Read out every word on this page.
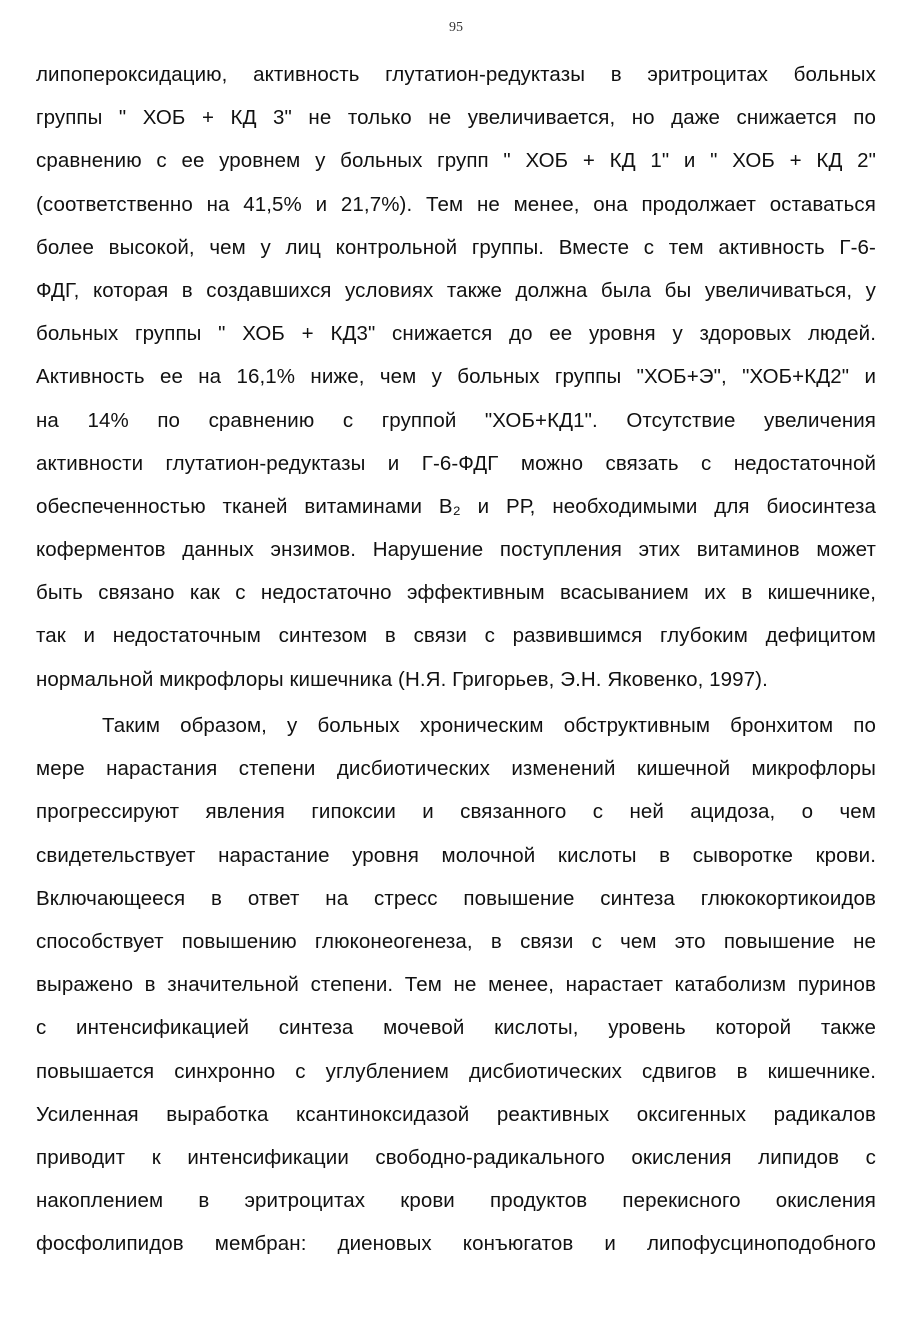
95
липопероксидацию, активность глутатион-редуктазы в эритроцитах больных
группы " ХОБ + КД 3" не только не увеличивается, но даже снижается по
сравнению с ее уровнем у больных групп " ХОБ + КД 1" и " ХОБ + КД 2"
(соответственно на 41,5% и 21,7%). Тем не менее, она продолжает оставаться
более высокой, чем у лиц контрольной группы. Вместе с тем активность Г-6-
ФДГ, которая в создавшихся условиях также должна была бы увеличиваться, у
больных группы " ХОБ + КД3" снижается до ее уровня у здоровых людей.
Активность ее на 16,1% ниже, чем у больных группы "ХОБ+Э", "ХОБ+КД2" и
на 14% по сравнению с группой "ХОБ+КД1". Отсутствие увеличения
активности глутатион-редуктазы и Г-6-ФДГ можно связать с недостаточной
обеспеченностью тканей витаминами В₂ и РР, необходимыми для биосинтеза
коферментов данных энзимов. Нарушение поступления этих витаминов может
быть связано как с недостаточно эффективным всасыванием их в кишечнике,
так и недостаточным синтезом в связи с развившимся глубоким дефицитом
нормальной микрофлоры кишечника (Н.Я. Григорьев, Э.Н. Яковенко, 1997).
Таким образом, у больных хроническим обструктивным бронхитом по
мере нарастания степени дисбиотических изменений кишечной микрофлоры
прогрессируют явления гипоксии и связанного с ней ацидоза, о чем
свидетельствует нарастание уровня молочной кислоты в сыворотке крови.
Включающееся в ответ на стресс повышение синтеза глюкокортикоидов
способствует повышению глюконеогенеза, в связи с чем это повышение не
выражено в значительной степени. Тем не менее, нарастает катаболизм пуринов
с интенсификацией синтеза мочевой кислоты, уровень которой также
повышается синхронно с углублением дисбиотических сдвигов в кишечнике.
Усиленная выработка ксантиноксидазой реактивных оксигенных радикалов
приводит к интенсификации свободно-радикального окисления липидов с
накоплением в эритроцитах крови продуктов перекисного окисления
фосфолипидов мембран: диеновых конъюгатов и липофусциноподобного
